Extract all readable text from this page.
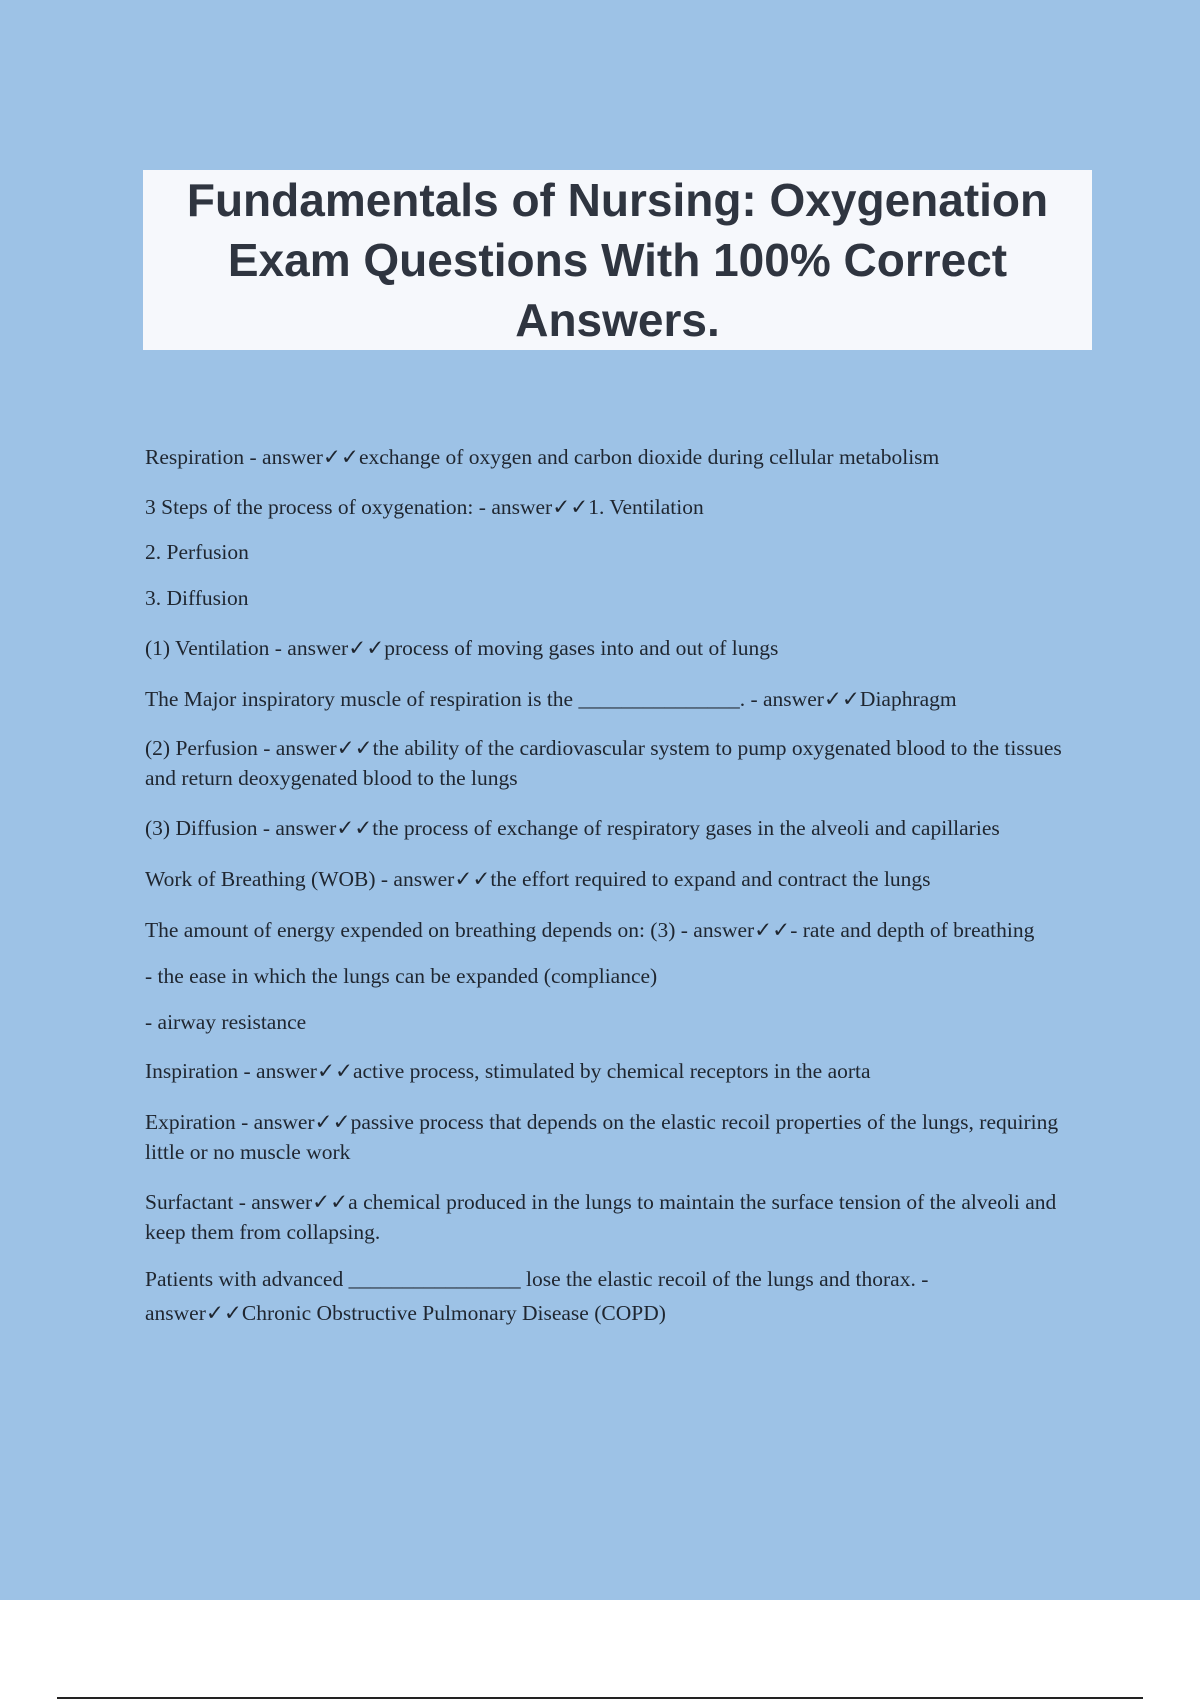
Fundamentals of Nursing: Oxygenation Exam Questions With 100% Correct Answers.

Respiration - answer✓✓exchange of oxygen and carbon dioxide during cellular metabolism

3 Steps of the process of oxygenation: - answer✓✓1. Ventilation

2. Perfusion

3. Diffusion

(1) Ventilation - answer✓✓process of moving gases into and out of lungs

The Major inspiratory muscle of respiration is the _______________. - answer✓✓Diaphragm

(2) Perfusion - answer✓✓the ability of the cardiovascular system to pump oxygenated blood to the tissues and return deoxygenated blood to the lungs

(3) Diffusion - answer✓✓the process of exchange of respiratory gases in the alveoli and capillaries

Work of Breathing (WOB) - answer✓✓the effort required to expand and contract the lungs

The amount of energy expended on breathing depends on: (3) - answer✓✓- rate and depth of breathing

- the ease in which the lungs can be expanded (compliance)

- airway resistance

Inspiration - answer✓✓active process, stimulated by chemical receptors in the aorta

Expiration - answer✓✓passive process that depends on the elastic recoil properties of the lungs, requiring little or no muscle work

Surfactant - answer✓✓a chemical produced in the lungs to maintain the surface tension of the alveoli and keep them from collapsing.

Patients with advanced ________________ lose the elastic recoil of the lungs and thorax. - answer✓✓Chronic Obstructive Pulmonary Disease (COPD)
